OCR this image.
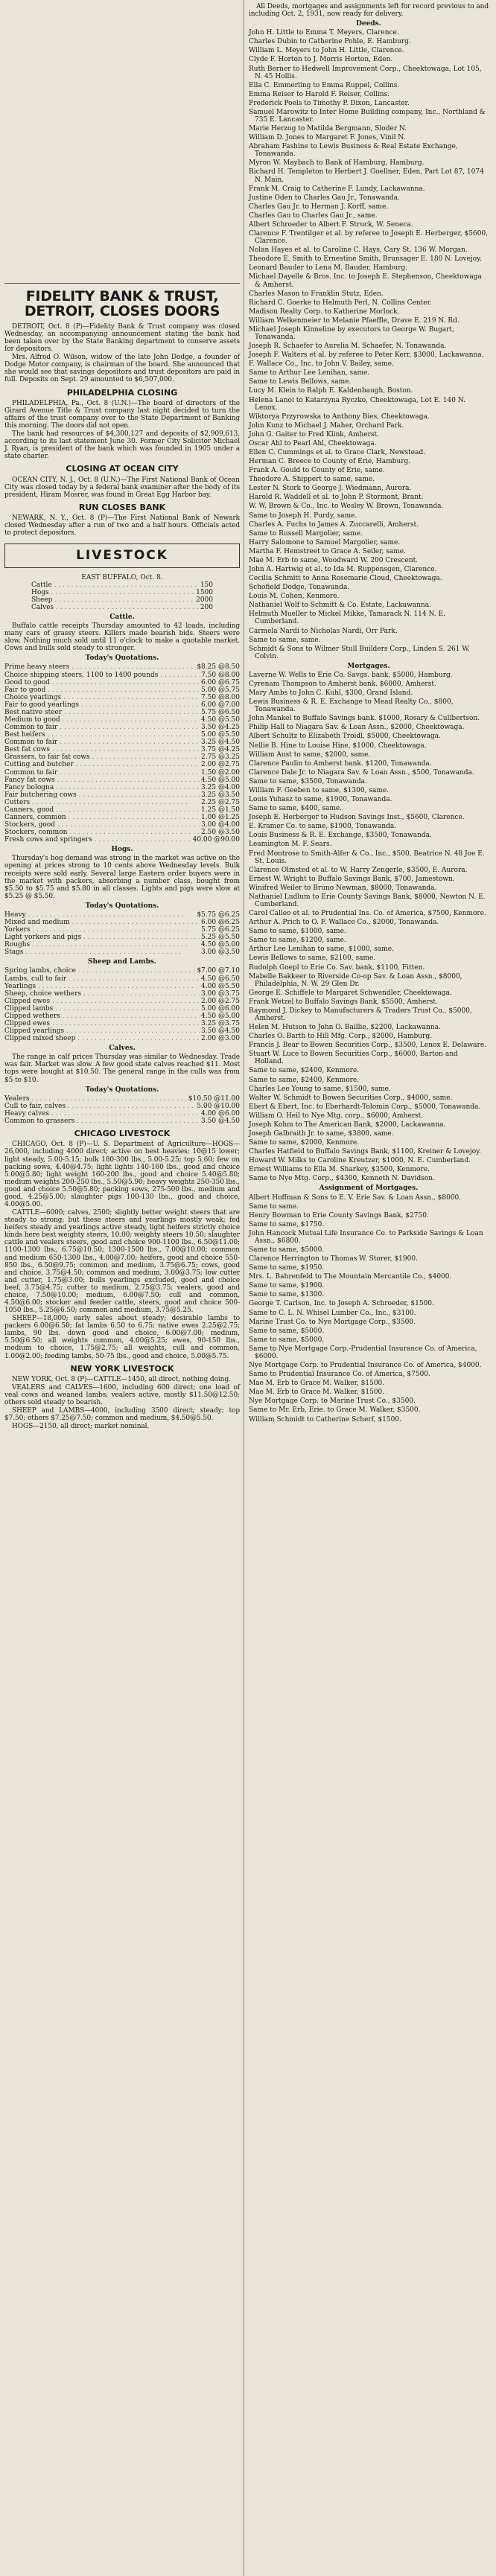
FIDELITY BANK & TRUST, DETROIT, CLOSES DOORS

DETROIT, Oct. 8 (P)—Fidelity Bank & Trust company was closed Wednesday, an accompanying announcement stating the bank had been taken over by the State Banking department to conserve assets for depositors.

Mrs. Alfred O. Wilson, widow of the late John Dodge, a founder of Dodge Motor company, is chairman of the board. She announced that she would see that savings depositors and trust depositors are paid in full. Deposits on Sept. 29 amounted to $6,507,000.

PHILADELPHIA CLOSING

PHILADELPHIA, Pa., Oct. 8 (U.N.)—The board of directors of the Girard Avenue Title & Trust company last night decided to turn the affairs of the trust company over to the State Department of Banking this morning. The doors did not open.

The bank had resources of $4,300,127 and deposits of $2,909,613, according to its last statement June 30. Former City Solicitor Michael J. Ryan, is president of the bank which was founded in 1905 under a state charter.

CLOSING AT OCEAN CITY

OCEAN CITY, N. J., Oct. 8 (U.N.)—The First National Bank of Ocean City was closed today by a federal bank examiner after the body of its president, Hiram Mosrer, was found in Great Egg Harbor bay.

RUN CLOSES BANK

NEWARK, N. Y., Oct. 8 (P)—The First National Bank of Newark closed Wednesday after a run of two and a half hours. Officials acted to protect depositors.

LIVESTOCK
EAST BUFFALO, Oct. 8.
Cattle . . .	150
Hogs . . .	1500
Sheep . . .	2000
Calves . . .	200
Cattle.

Buffalo cattle receipts Thursday amounted to 42 loads, including many cars of grassy steers. Killers made bearish bids. Steers were slow. Nothing much sold until 11 o'clock to make a quotable market. Cows and bulls sold steady to stronger.

Today's Quotations.
Prime heavy steers . . .	$8.25 @8.50
Choice shipping steers, 1100 to 1400 pounds . . .	7.50 @8.00
Good to good . . .	6.00 @6.75
Fair to good . . .	5.00 @5.75
Choice yearlings . . .	7.50 @8.00
Fair to good yearlings . . .	6.00 @7.00
Best native steer . . .	5.75 @6.50
Medium to good . . .	4.50 @5.50
Common to fair . . .	3.50 @4.25
Best heifers . . .	5.00 @5.50
Common to fair . . .	3.25 @4.50
Best fat cows . . .	3.75 @4.25
Grassers, to fair fat cows . . .	2.75 @3.25
Cutting and butcher . . .	2.00 @2.75
Common to fair . . .	1.50 @2.00
Fancy fat cows . . .	4.50 @5.00
Fancy bologna . . .	3.25 @4.00
Fair butchering cows . . .	3.25 @3.50
Cutters . . .	2.25 @2.75
Canners, good . . .	1.25 @1.50
Canners, common . . .	1.00 @1.25
Stockers, good . . .	3.00 @4.00
Stockers, common . . .	2.50 @3.50
Fresh cows and springers . . .	40.00 @90.00
Hogs.

Thursday's hog demand was strong in the market was active on the opening at prices strong to 10 cents above Wednesday levels. Bulk receipts were sold early. Several large Eastern order buyers were in the market with packers, absorbing a number class, bought from $5.50 to $5.75 and $5.80 in all classes. Lights and pigs were slow at $5.25 @ $5.50.

Today's Quotations.
Heavy . . .	$5.75 @6.25
Mixed and medium . . .	6.00 @6.25
Yorkers . . .	5.75 @6.25
Light yorkers and pigs . . .	5.25 @5.50
Roughs . . .	4.50 @5.00
Stags . . .	3.00 @3.50
Sheep and Lambs.
Spring lambs, choice . . .	$7.00 @7.10
Lambs, cull to fair . . .	4.50 @6.50
Yearlings . . .	4.00 @5.50
Sheep, choice wethers . . .	3.00 @3.75
Clipped ewes . . .	2.00 @2.75
Clipped lambs . . .	5.00 @6.00
Clipped wethers . . .	4.50 @5.00
Clipped ewes . . .	3.25 @3.75
Clipped yearlings . . .	3.50 @4.50
Clipped mixed sheep . . .	2.00 @3.00
Calves.

The range in calf prices Thursday was similar to Wednesday. Trade was fair. Market was slow. A few good state calves reached $11. Most tops were bought at $10.50. The general range in the culls was from $5 to $10.

Today's Quotations.
Vealers . . .	$10.50 @11.00
Cull to fair, calves . . .	5.00 @10.00
Heavy calves . . .	4.00 @6.00
Common to grassers . . .	3.50 @4.50
CHICAGO LIVESTOCK

CHICAGO, Oct. 8 (P)—U. S. Department of Agriculture—HOGS—26,000, including 4000 direct; active on best heavies; 10@15 lower; light steady, 5.00-5.15; bulk 180-300 lbs., 5.00-5.25; top 5.60; few on packing sows, 4.40@4.75; light lights 140-160 lbs., good and choice 5.00@5.80; light weight 160-200 lbs., good and choice 5.40@5.80; medium weights 200-250 lbs., 5.50@5.90; heavy weights 250-350 lbs., good and choice 5.50@5.80; packing sows, 275-500 lbs., medium and good, 4.25@5.00; slaughter pigs 100-130 lbs., good and choice, 4.00@5.00.

CATTLE—6000; calves, 2500; slightly better weight steers that are steady to strong; but these steers and yearlings mostly weak; fed heifers steady and yearlings active steady, light heifers strictly choice kinds here best weighty steers, 10.00; weighty steers 10.50; slaughter cattle and vealers steers, good and choice 900-1100 lbs., 6.50@11.00; 1100-1300 lbs., 6.75@10.50; 1300-1500 lbs., 7.00@10.00; common and medium 650-1300 lbs., 4.00@7.00; heifers, good and choice 550-850 lbs., 6.50@9.75; common and medium, 3.75@6.75; cows, good and choice, 3.75@4.50; common and medium, 3.00@3.75; low cutter and cutter, 1.75@3.00; bulls yearlings excluded, good and choice beef, 3.75@4.75; cutter to medium, 2.75@3.75; vealers, good and choice, 7.50@10.00; medium, 6.00@7.50; cull and common, 4.50@6.00; stocker and feeder cattle, steers, good and choice 500-1050 lbs., 5.25@6.50; common and medium, 3.75@5.25.

SHEEP—18,000; early sales about steady; desirable lambs to packers 6.00@6.50; fat lambs 6.50 to 6.75; native ewes 2.25@2.75; lambs, 90 lbs. down good and choice, 6.00@7.00; medium, 5.50@6.50; all weights common, 4.00@5.25; ewes, 90-150 lbs., medium to choice, 1.75@2.75; all weights, cull and common, 1.00@2.00; feeding lambs, 50-75 lbs., good and choice, 5.00@5.75.

NEW YORK LIVESTOCK

NEW YORK, Oct. 8 (P)—CATTLE—1450, all direct, nothing doing.

VEALERS and CALVES—1600, including 600 direct; one load of veal cows and weaned lambs; vealers active, mostly $11.50@12.50; others sold steady to bearish.

SHEEP and LAMBS—4000, including 3500 direct; steady; top $7.50; others $7.25@7.50; common and medium, $4.50@5.50.

HOGS—2150, all direct; market nominal.

All Deeds, mortgages and assignments left for record previous to and including Oct. 2, 1931, now ready for delivery.

Deeds.

John H. Little to Emma T. Meyers, Clarence.

Charles Dubin to Catherine Pohle, E. Hamburg.

William L. Meyers to John H. Little, Clarence.

Clyde F. Horton to J. Morris Horton, Eden.

Ruth Berner to Hedwell Improvement Corp., Cheektowaga, Lot 105, N. 45 Hollis.

Ella C. Emmerling to Emma Ruppel, Collins.

Emma Reiser to Harold F. Reiser, Collins.

Frederick Poels to Timothy P. Dixon, Lancaster.

Samuel Marowitz to Inter Home Building company, Inc., Northland & 735 E. Lancaster.

Marie Herzog to Matilda Bergmann, Sloder N.

William D. Jones to Margaret F. Jones, Vinil N.

Abraham Fashine to Lewis Business & Real Estate Exchange, Tonawanda.

Myron W. Maybach to Bank of Hamburg, Hamburg.

Richard H. Templeton to Herbert J. Goellner, Eden, Part Lot 87, 1074 N. Main.

Frank M. Craig to Catherine F. Lundy, Lackawanna.

Justine Oden to Charles Gau Jr., Tonawanda.

Charles Gau Jr. to Herman J. Korff, same.

Charles Gau to Charles Gau Jr., same.

Albert Schroeder to Albert F. Struck, W. Seneca.

Clarence F. Trentilger et al. by referee to Joseph E. Herberger, $5600, Clarence.

Nolan Hayes et al. to Caroline C. Hays, Cary St. 136 W. Morgan.

Theodore E. Smith to Ernestine Smith, Brunsager E. 180 N. Lovejoy.

Leonard Bauder to Lena M. Bauder, Hamburg.

Michael Dayelle & Bros. Inc. to Joseph E. Stephenson, Cheektowaga & Amherst.

Charles Mason to Franklin Stutz, Eden.

Richard C. Goerke to Helmuth Perl, N. Collins Center.

Madison Realty Corp. to Katherine Morlock.

William Welkenmeier to Melanie Pfaeffle, Drave E. 219 N. Rd.

Michael Joseph Kinneline by executors to George W. Bugart, Tonawanda.

Joseph R. Schaefer to Aurelia M. Schaefer, N. Tonawanda.

Joseph F. Walters et al. by referee to Peter Kerr, $3000, Lackawanna.

F. Wallace Co., Inc. to John V. Bailey, same.

Same to Arthur Lee Lenihan, same.

Same to Lewis Bellows, same.

Lucy M. Klein to Ralph E. Kaldenbaugh, Boston.

Helena Lanoi to Katarzyna Ryczko, Cheektowaga, Lot E. 140 N. Lenox.

Wiktorya Przyrowska to Anthony Bies, Cheektowaga.

John Kunz to Michael J. Maher, Orchard Park.

John G. Gaiter to Fred Klink, Amherst.

Oscar Ahl to Pearl Ahl, Cheektowaga.

Ellen C. Cummings et al. to Grace Clark, Newstead.

Herman C. Breece to County of Erie, Hamburg.

Frank A. Gould to County of Erie, same.

Theodore A. Shippert to same, same.

Lester N. Stork to George J. Wiedmann, Aurora.

Harold R. Waddell et al. to John P. Stormont, Brant.

W. W. Brown & Co., Inc. to Wesley W. Brown, Tonawanda.

Same to Joseph H. Purdy, same.

Charles A. Fuchs to James A. Zuccarelli, Amherst.

Same to Russell Margolier, same.

Harry Salomone to Samuel Margolier, same.

Martha F. Hemstreet to Grace A. Seiler, same.

Mae M. Erb to same, Woodward W. 200 Crescent.

John A. Hartwig et al. to Ida M. Ruppensgen, Clarence.

Cecilia Schmitt to Anna Rosemarie Cloud, Cheektowaga.

Schofield Dodge, Tonawanda.

Louis M. Cohen, Kenmore.

Nathaniel Wolf to Schmitt & Co. Estate, Lackawanna.

Helmuth Mueller to Mickel Mikke, Tamarack N. 114 N. E. Cumberland.

Carmela Nardi to Nicholas Nardi, Orr Park.

Same to same, same.

Schmidt & Sons to Wilmer Stull Builders Corp., Linden S. 261 W. Colvin.

Mortgages.

Laverne W. Wells to Erie Co. Savgs. bank, $5000, Hamburg.

Cyrenam Thompson to Amherst bank. $6000, Amherst.

Mary Ambs to John C. Kuhl, $300, Grand Island.

Lewis Business & R. E. Exchange to Mead Realty Co., $800, Tonawanda.

John Mankel to Buffalo Savings bank. $1000, Rosary & Cullbertson.

Philip Hall to Niagara Sav. & Loan Assn., $2000, Cheektowaga.

Albert Schultz to Elizabeth Troidl, $5000, Cheektowaga.

Nellie B. Hine to Louise Hine, $1000, Cheektowaga.

William Aust to same, $2000, same.

Clarence Paulin to Amherst bank. $1200, Tonawanda.

Clarence Dale Jr. to Niagara Sav. & Loan Assn., $500, Tonawanda.

Same to same, $3500, Tonawanda.

William F. Geeben to same, $1300, same.

Louis Yuhasz to same, $1900, Tonawanda.

Same to same, $400, same.

Joseph E. Herberger to Hudson Savings Inst., $5600, Clarence.

E. Kramer Co. to same, $1900, Tonawanda.

Louis Business & R. E. Exchange, $3500, Tonawanda.

Leamington M. F. Sears.

Fred Montrose to Smith-Alfer & Co., Inc., $500, Beatrice N. 48 Joe E. St. Louis.

Clarence Olmsted et al. to W. Harry Zengerle, $3500, E. Aurora.

Ernest W. Wright to Buffalo Savings Bank, $700, Jamestown.

Winifred Weiler to Bruno Newman, $8000, Tonawanda.

Nathaniel Ludlum to Erie County Savings Bank, $8000, Newton N. E. Cumberland.

Carol Calleo et al. to Prudential Ins. Co. of America, $7500, Kenmore.

Arthur A. Prich to O. F. Wallace Co., $2000, Tonawanda.

Same to same, $1000, same.

Same to same, $1200, same.

Arthur Lee Lenihan to same, $1000, same.

Lewis Bellows to same, $2100, same.

Rudolph Goepl to Erie Co. Sav. bank, $1100, Fitten.

Mabelle Bakkeer to Riverside Co-op Sav. & Loan Assn., $8000, Philadelphia, N. W. 29 Glen Dr.

George E. Schiffele to Margaret Schwendler, Cheektowaga.

Frank Wetzel to Buffalo Savings Bank, $5500, Amherst.

Raymond J. Dickey to Manufacturers & Traders Trust Co., $5000, Amherst.

Helen M. Hutson to John O. Baillie, $2200, Lackawanna.

Charles O. Barth to Hill Mfg. Corp., $2000, Hamburg.

Francis J. Bear to Bowen Securities Corp., $3500, Lenox E. Delaware.

Stuart W. Luce to Bowen Securities Corp., $6000, Barton and Holland.

Same to same, $2400, Kenmore.

Same to same, $2400, Kenmore.

Charles Lee Young to same, $1500, same.

Walter W. Schmidt to Bowen Securities Corp., $4000, same.

Ebert & Ebert, Inc. to Eberhardt-Tolomin Corp., $5000, Tonawanda.

William O. Heil to Nye Mtg. corp., $6000, Amherst.

Joseph Kohm to The American Bank, $2000, Lackawanna.

Joseph Galbraith Jr. to same, $3800, same.

Same to same, $2000, Kenmore.

Charles Hatfield to Buffalo Savings Bank, $1100, Kreiner & Lovejoy.

Howard W. Milks to Caroline Kreutzer, $1000, N. E. Cumberland.

Ernest Williams to Ella M. Sharkey, $3500, Kenmore.

Same to Nye Mtg. Corp., $4300, Kenneth N. Davidson.

Assignment of Mortgages.

Albert Hoffman & Sons to E. V. Erie Sav. & Loan Assn., $8000.

Same to same.

Henry Bowman to Erie County Savings Bank, $2750.

Same to same, $1750.

John Hancock Mutual Life Insurance Co. to Parkside Savings & Loan Assn., $6800.

Same to same, $5000.

Clarence Herrington to Thomas W. Storer, $1900.

Same to same, $1950.

Mrs. L. Bahrenfeld to The Mountain Mercantile Co., $4000.

Same to same, $1900.

Same to same, $1300.

George T. Carlson, Inc. to Joseph A. Schroeder, $1500.

Same to C. L. N. Whisel Lumber Co., Inc., $3100.

Marine Trust Co. to Nye Mortgage Corp., $3500.

Same to same, $5000.

Same to same, $5000.

Same to Nye Mortgage Corp.-Prudential Insurance Co. of America, $6000.

Nye Mortgage Corp. to Prudential Insurance Co. of America, $4000.

Same to Prudential Insurance Co. of America, $7500.

Mae M. Erb to Grace M. Walker, $1500.

Mae M. Erb to Grace M. Walker, $1500.

Nye Mortgage Corp. to Marine Trust Co., $3500.

Same to Mr. Erb, Erie. to Grace M. Walker, $3500.

William Schmidt to Catherine Scherf, $1500.
